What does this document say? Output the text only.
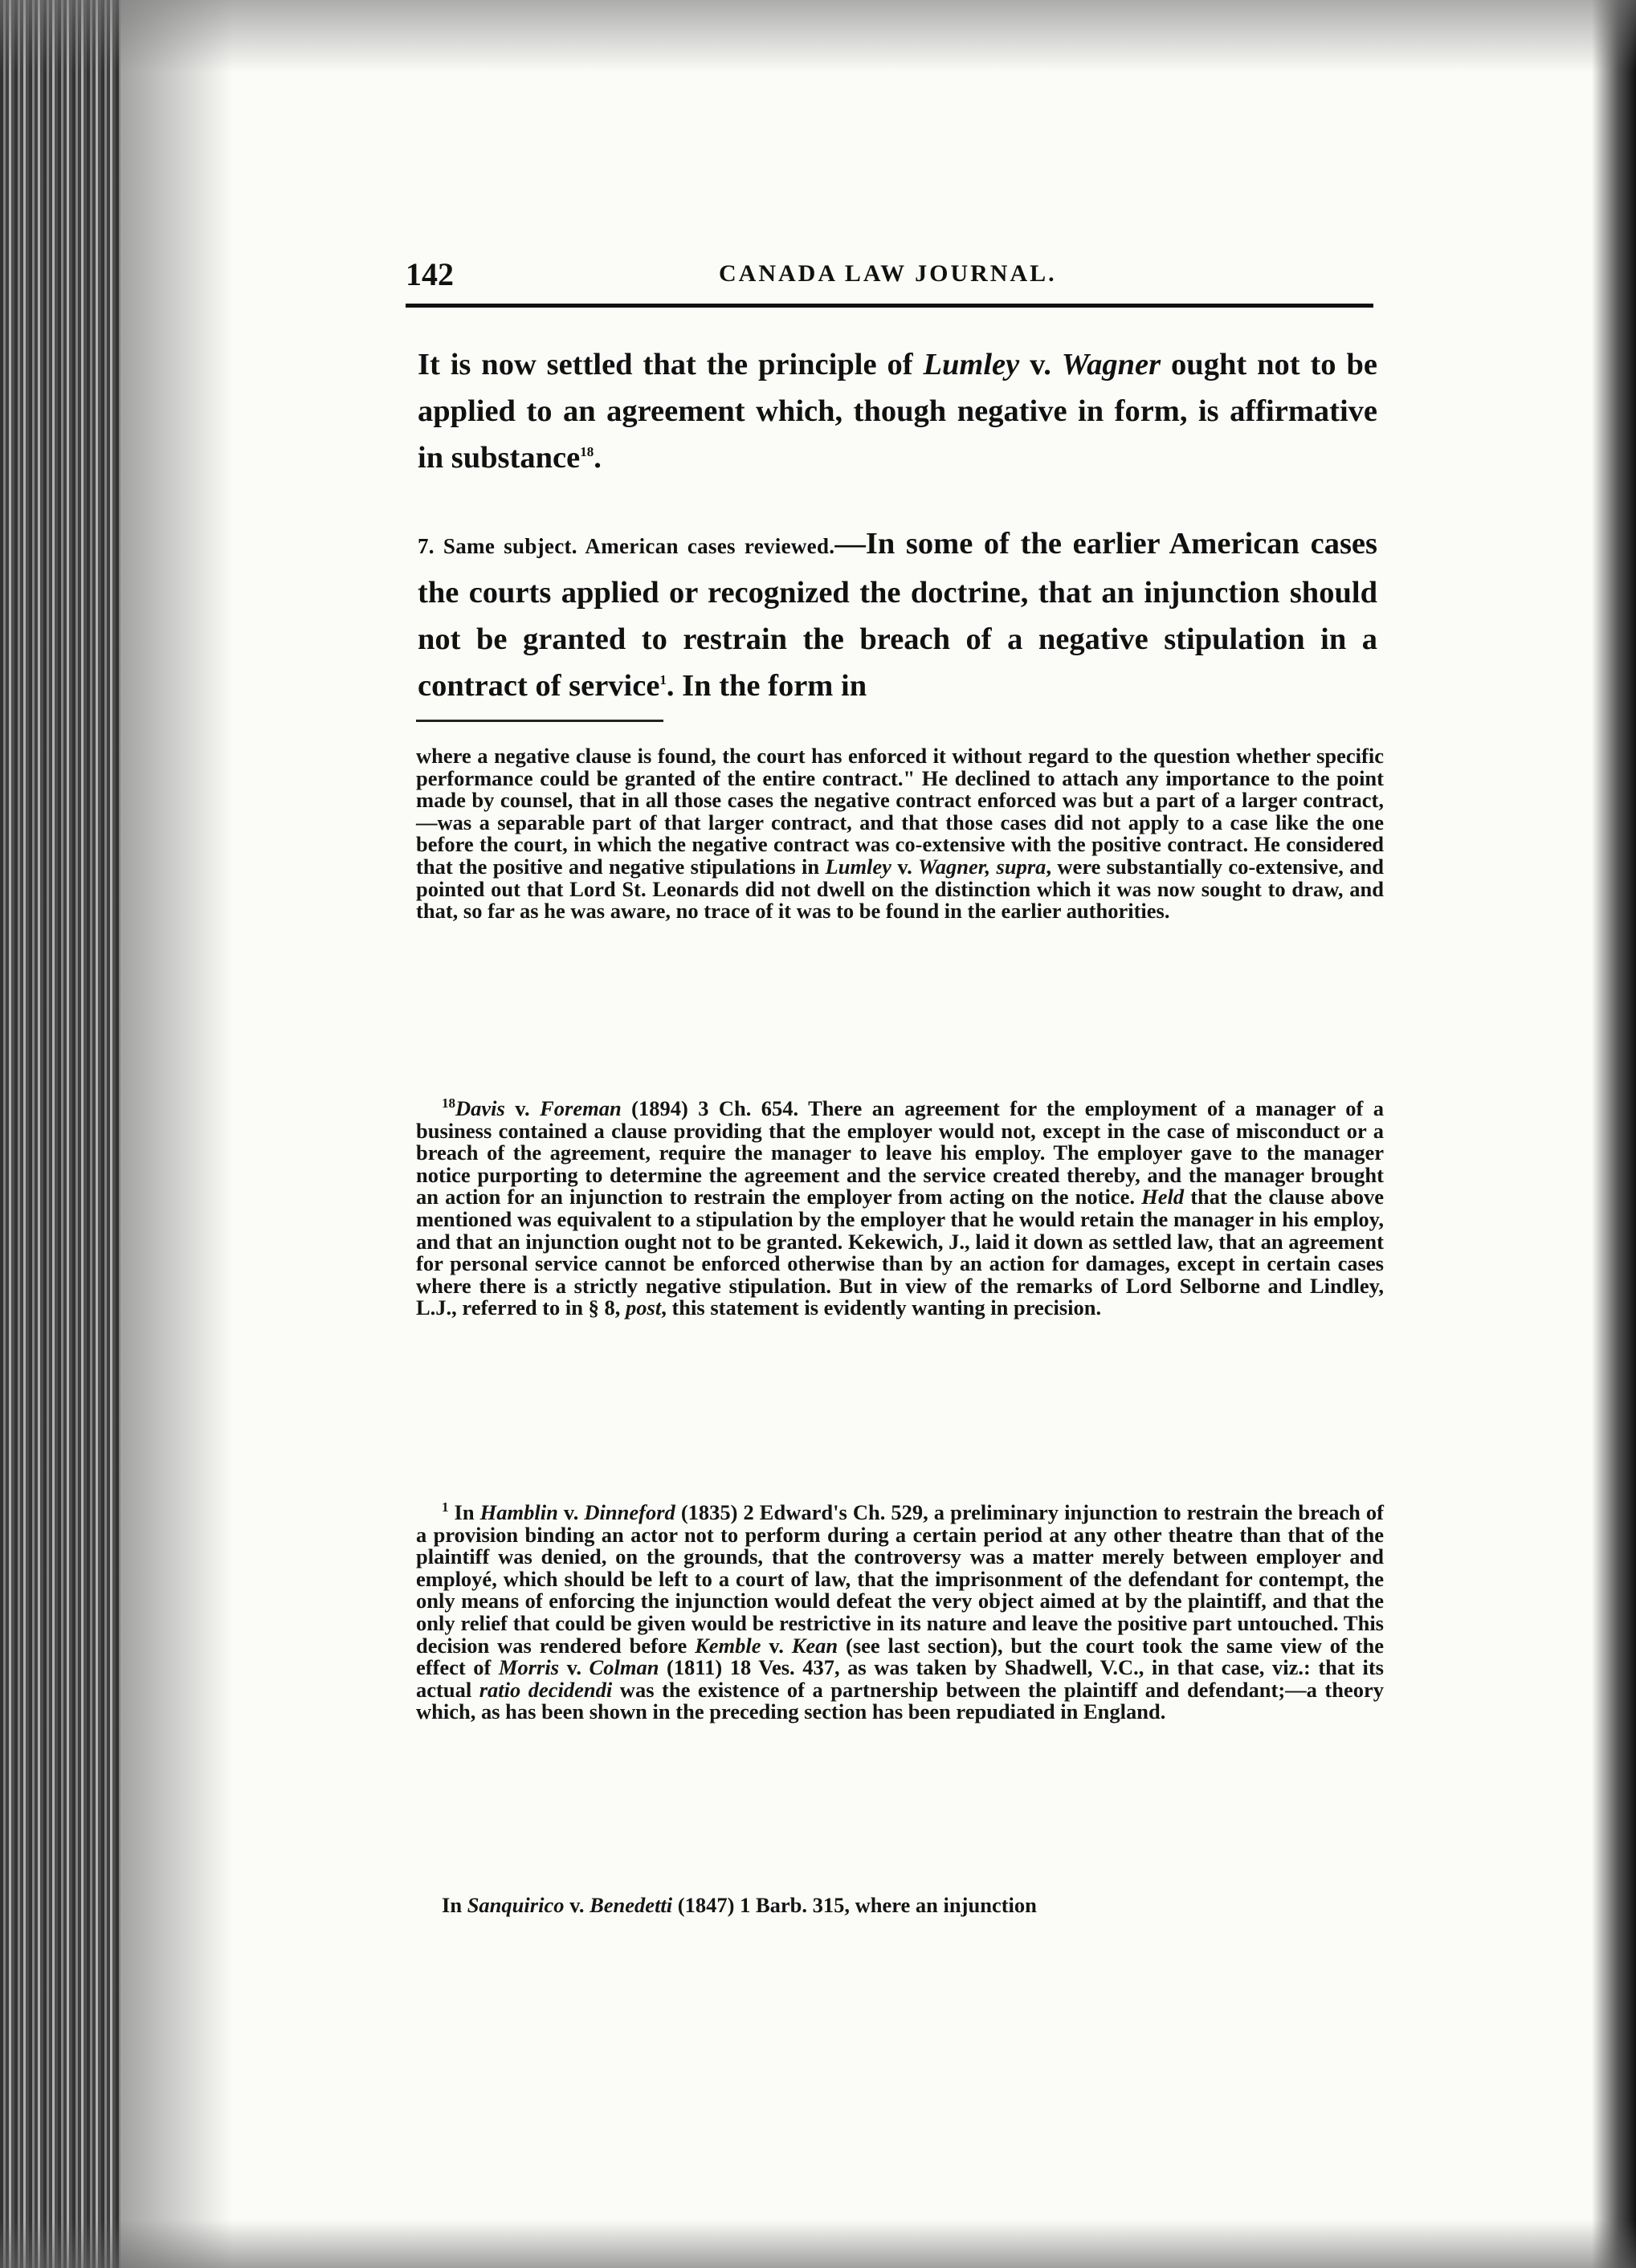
142	CANADA LAW JOURNAL.
It is now settled that the principle of Lumley v. Wagner ought not to be applied to an agreement which, though negative in form, is affirmative in substance$^{18}$.
7. Same subject. American cases reviewed.—In some of the earlier American cases the courts applied or recognized the doctrine, that an injunction should not be granted to restrain the breach of a negative stipulation in a contract of service$^1$. In the form in

where a negative clause is found, the court has enforced it without regard to the question whether specific performance could be granted of the entire contract." He declined to attach any importance to the point made by counsel, that in all those cases the negative contract enforced was but a part of a larger contract,—was a separable part of that larger contract, and that those cases did not apply to a case like the one before the court, in which the negative contract was co-extensive with the positive contract. He considered that the positive and negative stipulations in Lumley v. Wagner, supra, were substantially co-extensive, and pointed out that Lord St. Leonards did not dwell on the distinction which it was now sought to draw, and that, so far as he was aware, no trace of it was to be found in the earlier authorities.

$^{18}$Davis v. Foreman (1894) 3 Ch. 654. There an agreement for the employment of a manager of a business contained a clause providing that the employer would not, except in the case of misconduct or a breach of the agreement, require the manager to leave his employ. The employer gave to the manager notice purporting to determine the agreement and the service created thereby, and the manager brought an action for an injunction to restrain the employer from acting on the notice. Held that the clause above mentioned was equivalent to a stipulation by the employer that he would retain the manager in his employ, and that an injunction ought not to be granted. Kekewich, J., laid it down as settled law, that an agreement for personal service cannot be enforced otherwise than by an action for damages, except in certain cases where there is a strictly negative stipulation. But in view of the remarks of Lord Selborne and Lindley, L.J., referred to in § 8, post, this statement is evidently wanting in precision.

$^1$ In Hamblin v. Dinneford (1835) 2 Edward's Ch. 529, a preliminary injunction to restrain the breach of a provision binding an actor not to perform during a certain period at any other theatre than that of the plaintiff was denied, on the grounds, that the controversy was a matter merely between employer and employé, which should be left to a court of law, that the imprisonment of the defendant for contempt, the only means of enforcing the injunction would defeat the very object aimed at by the plaintiff, and that the only relief that could be given would be restrictive in its nature and leave the positive part untouched. This decision was rendered before Kemble v. Kean (see last section), but the court took the same view of the effect of Morris v. Colman (1811) 18 Ves. 437, as was taken by Shadwell, V.C., in that case, viz.: that its actual ratio decidendi was the existence of a partnership between the plaintiff and defendant;—a theory which, as has been shown in the preceding section has been repudiated in England.

In Sanquirico v. Benedetti (1847) 1 Barb. 315, where an injunction
